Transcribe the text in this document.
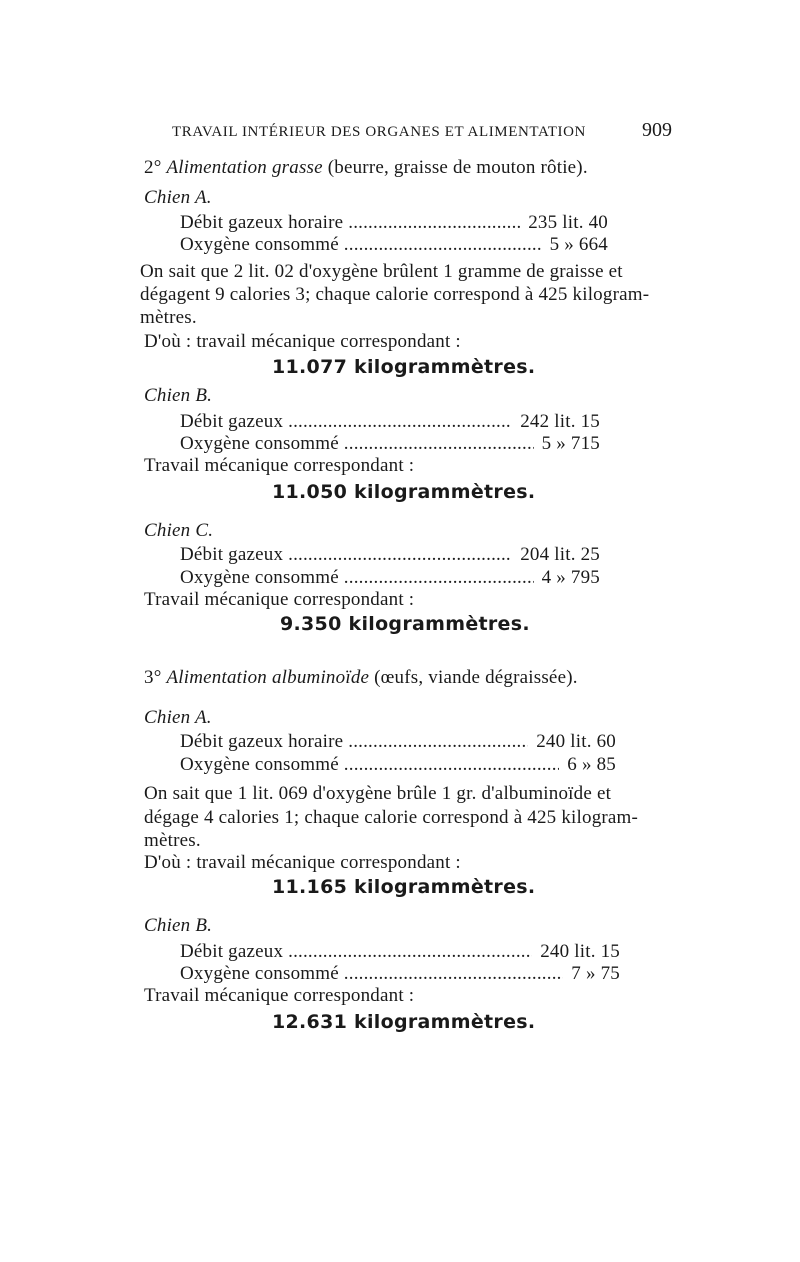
TRAVAIL INTÉRIEUR DES ORGANES ET ALIMENTATION	909
2° Alimentation grasse (beurre, graisse de mouton rôtie).
Chien A.
Débit gazeux horaire .....	235 lit. 40
Oxygène consommé .....	5 » 664
On sait que 2 lit. 02 d'oxygène brûlent 1 gramme de graisse et
dégagent 9 calories 3; chaque calorie correspond à 425 kilogram-
mètres.
D'où : travail mécanique correspondant :
11.077 kilogrammètres.
Chien B.
Débit gazeux .....	242 lit. 15
Oxygène consommé .....	5 » 715
Travail mécanique correspondant :
11.050 kilogrammètres.
Chien C.
Débit gazeux .....	204 lit. 25
Oxygène consommé .....	4 » 795
Travail mécanique correspondant :
9.350 kilogrammètres.
3° Alimentation albuminoïde (œufs, viande dégraissée).
Chien A.
Débit gazeux horaire .....	240 lit. 60
Oxygène consommé .....	6 » 85
On sait que 1 lit. 069 d'oxygène brûle 1 gr. d'albuminoïde et
dégage 4 calories 1; chaque calorie correspond à 425 kilogram-
mètres.
D'où : travail mécanique correspondant :
11.165 kilogrammètres.
Chien B.
Débit gazeux .....	240 lit. 15
Oxygène consommé .....	7 » 75
Travail mécanique correspondant :
12.631 kilogrammètres.
